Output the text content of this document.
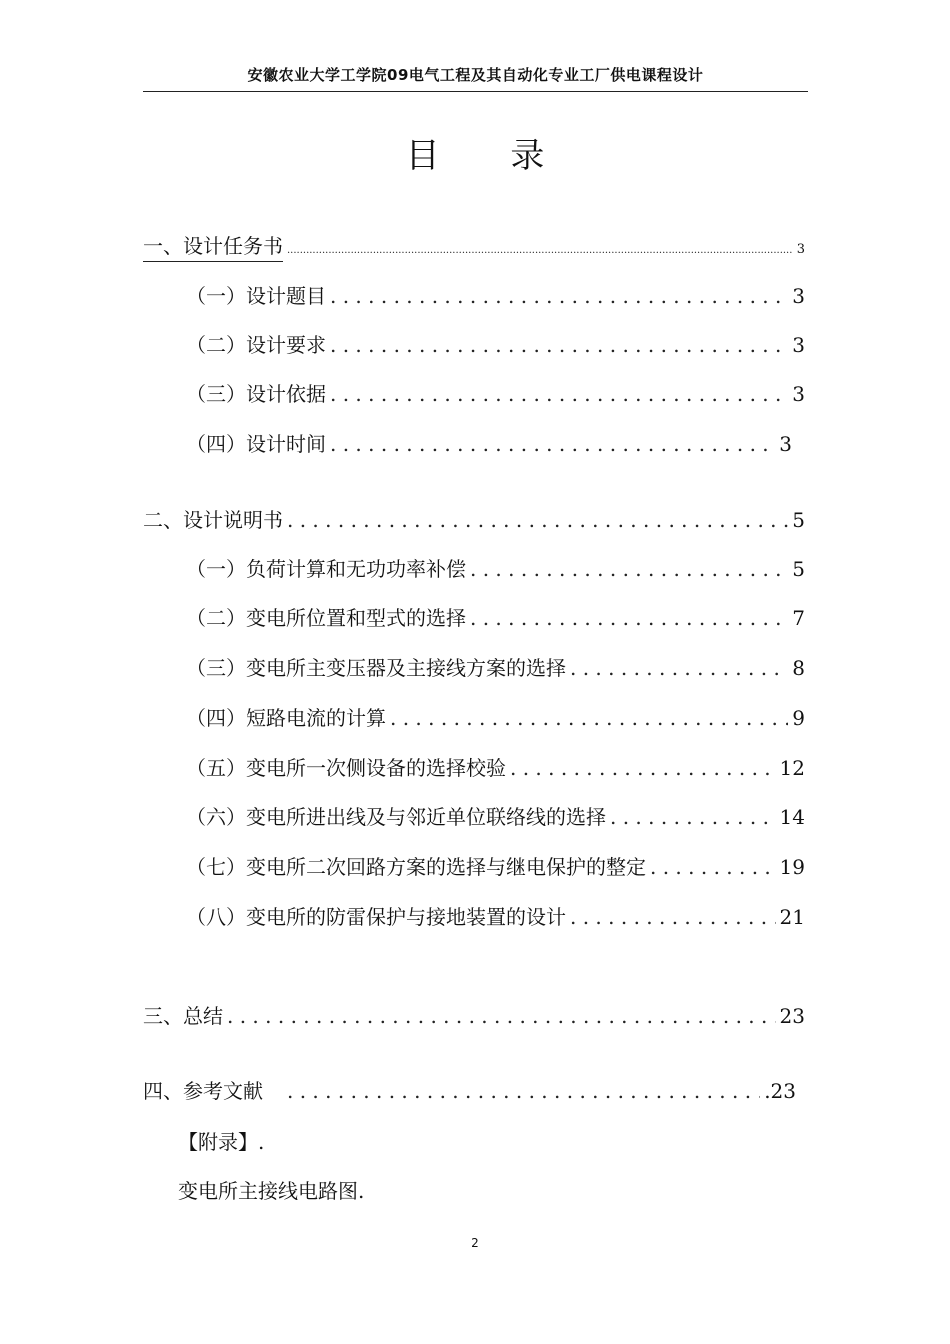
安徽农业大学工学院09电气工程及其自动化专业工厂供电课程设计
目 录
一、设计任务书 .....	3
（一）设计题目 . . .	3
（二）设计要求 . . .	3
（三）设计依据 . . .	3
（四）设计时间 . . .	3
二、设计说明书 . . .	5
（一）负荷计算和无功功率补偿 . . .	5
（二）变电所位置和型式的选择 . . .	7
（三）变电所主变压器及主接线方案的选择 . . .	8
（四）短路电流的计算 . . .	9
（五）变电所一次侧设备的选择校验 . . .	12
（六）变电所进出线及与邻近单位联络线的选择 . . .	14
（七）变电所二次回路方案的选择与继电保护的整定 . . .	19
（八）变电所的防雷保护与接地装置的设计 . . .	21
三、总结 . . .	23
四、参考文献 . . .	.23
【附录】.
变电所主接线电路图.
2
